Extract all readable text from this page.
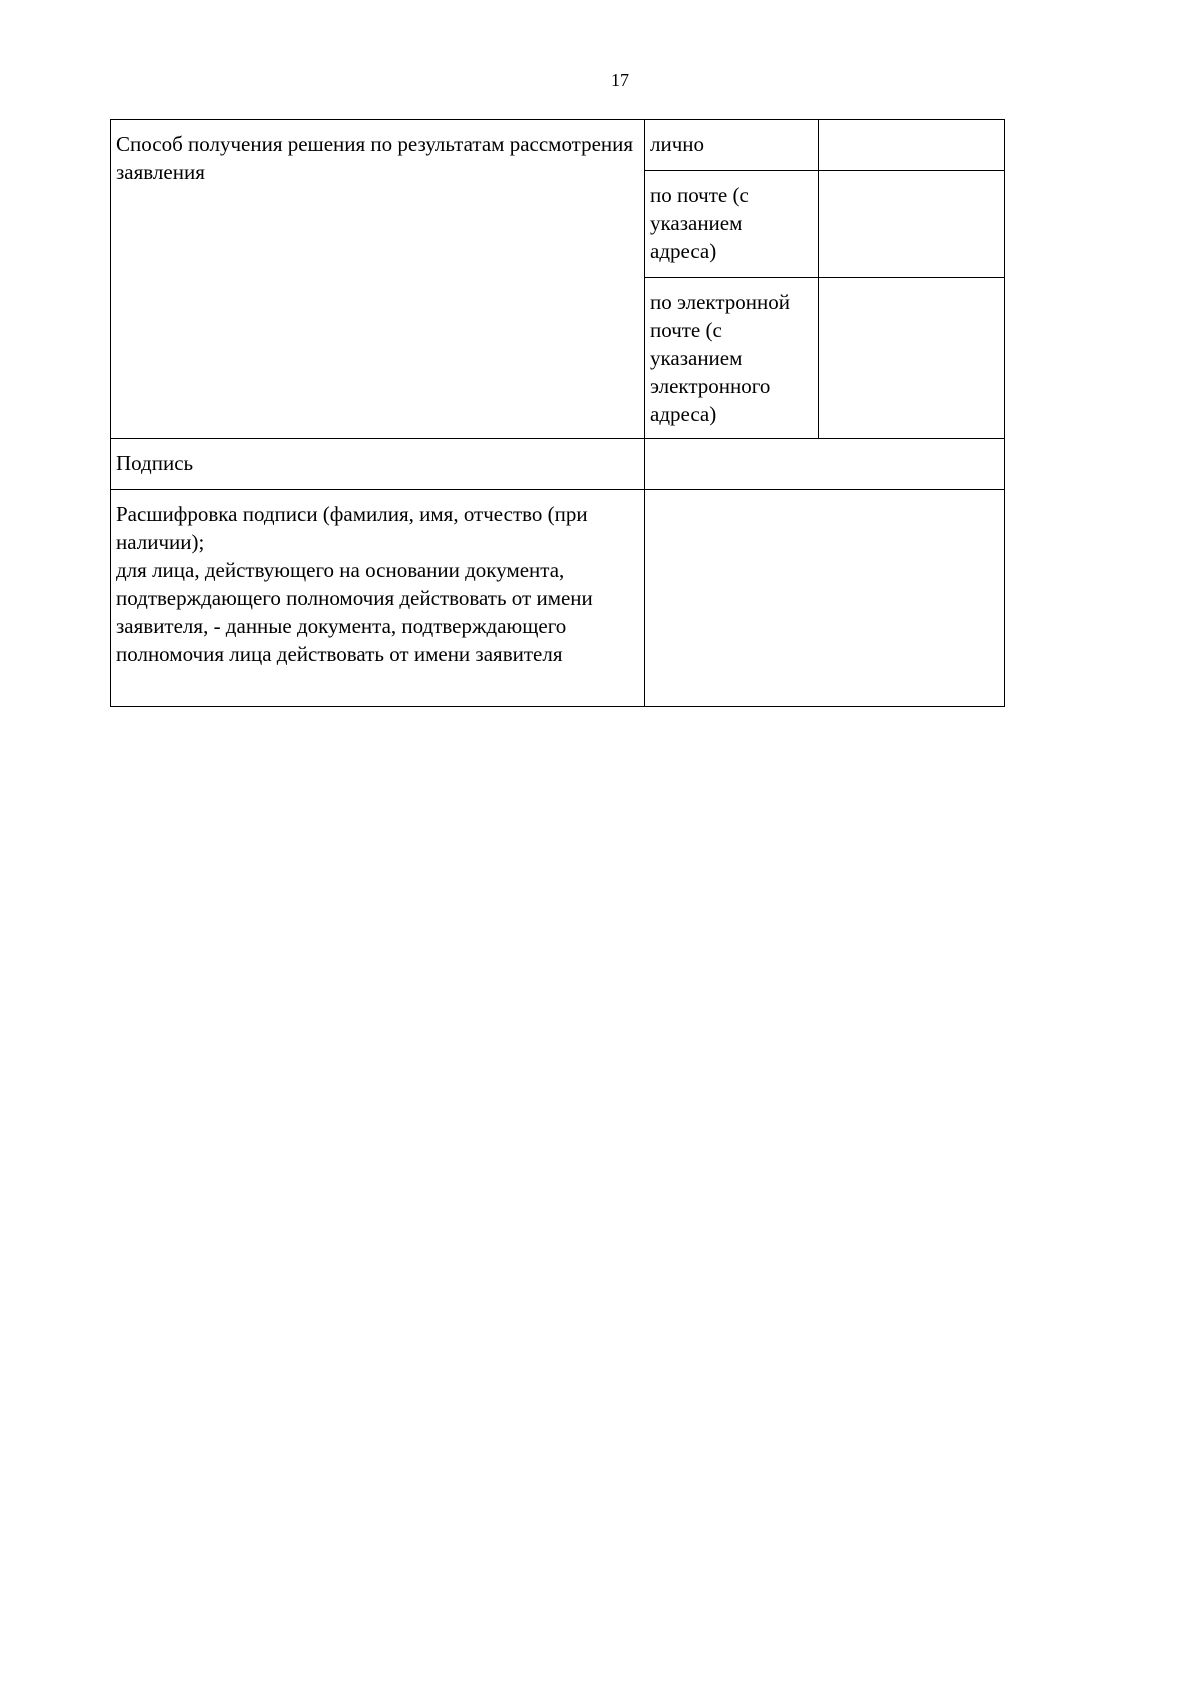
17
Способ получения решения по результатам рассмотрения заявления	лично	
	по почте (с указанием адреса)	
	по электронной почте (с указанием электронного адреса)	
Подпись		
Расшифровка подписи (фамилия, имя, отчество (при наличии);
для лица, действующего на основании документа, подтверждающего полномочия действовать от имени заявителя, - данные документа, подтверждающего полномочия лица действовать от имени заявителя		
